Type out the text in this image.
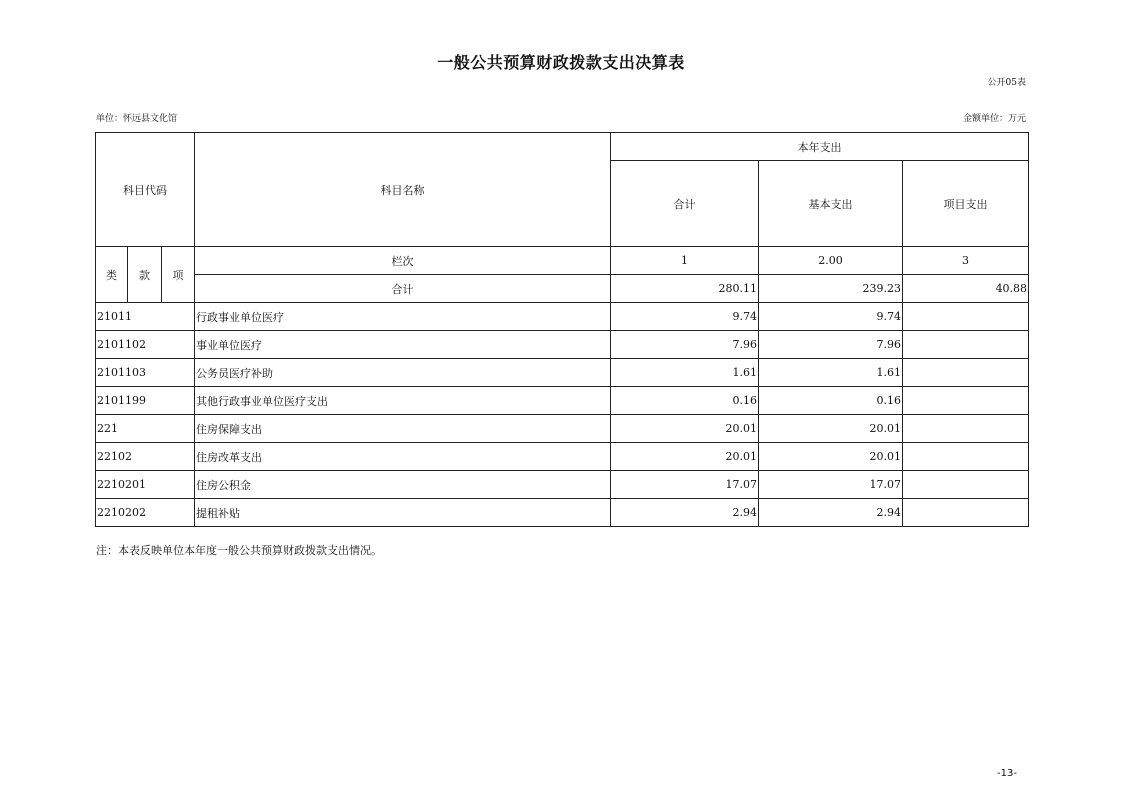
一般公共预算财政拨款支出决算表
公开05表
单位：怀远县文化馆	金额单位：万元
科目代码			科目名称	本年支出		
				合计	基本支出	项目支出
类	款	项	栏次	1	2.00	3
			合计	280.11	239.23	40.88
21011			行政事业单位医疗	9.74	9.74	
2101102			事业单位医疗	7.96	7.96	
2101103			公务员医疗补助	1.61	1.61	
2101199			其他行政事业单位医疗支出	0.16	0.16	
221			住房保障支出	20.01	20.01	
22102			住房改革支出	20.01	20.01	
2210201			住房公积金	17.07	17.07	
2210202			提租补贴	2.94	2.94	
注：本表反映单位本年度一般公共预算财政拨款支出情况。
-13-
